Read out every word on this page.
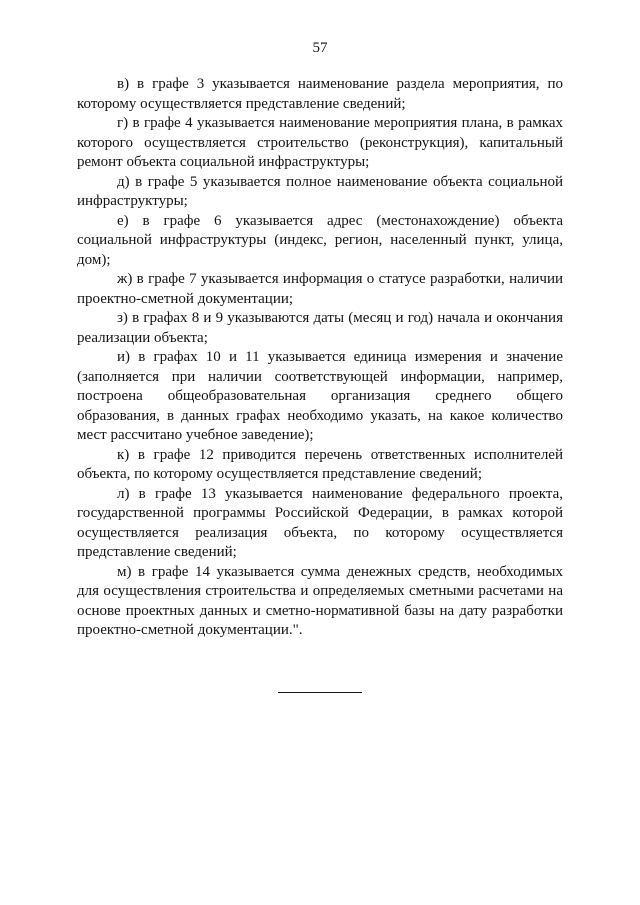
57

в) в графе 3 указывается наименование раздела мероприятия, по которому осуществляется представление сведений;

г) в графе 4 указывается наименование мероприятия плана, в рамках которого осуществляется строительство (реконструкция), капитальный ремонт объекта социальной инфраструктуры;

д) в графе 5 указывается полное наименование объекта социальной инфраструктуры;

е) в графе 6 указывается адрес (местонахождение) объекта социальной инфраструктуры (индекс, регион, населенный пункт, улица, дом);

ж) в графе 7 указывается информация о статусе разработки, наличии проектно-сметной документации;

з) в графах 8 и 9 указываются даты (месяц и год) начала и окончания реализации объекта;

и) в графах 10 и 11 указывается единица измерения и значение (заполняется при наличии соответствующей информации, например, построена общеобразовательная организация среднего общего образования, в данных графах необходимо указать, на какое количество мест рассчитано учебное заведение);

к) в графе 12 приводится перечень ответственных исполнителей объекта, по которому осуществляется представление сведений;

л) в графе 13 указывается наименование федерального проекта, государственной программы Российской Федерации, в рамках которой осуществляется реализация объекта, по которому осуществляется представление сведений;

м) в графе 14 указывается сумма денежных средств, необходимых для осуществления строительства и определяемых сметными расчетами на основе проектных данных и сметно-нормативной базы на дату разработки проектно-сметной документации.".
